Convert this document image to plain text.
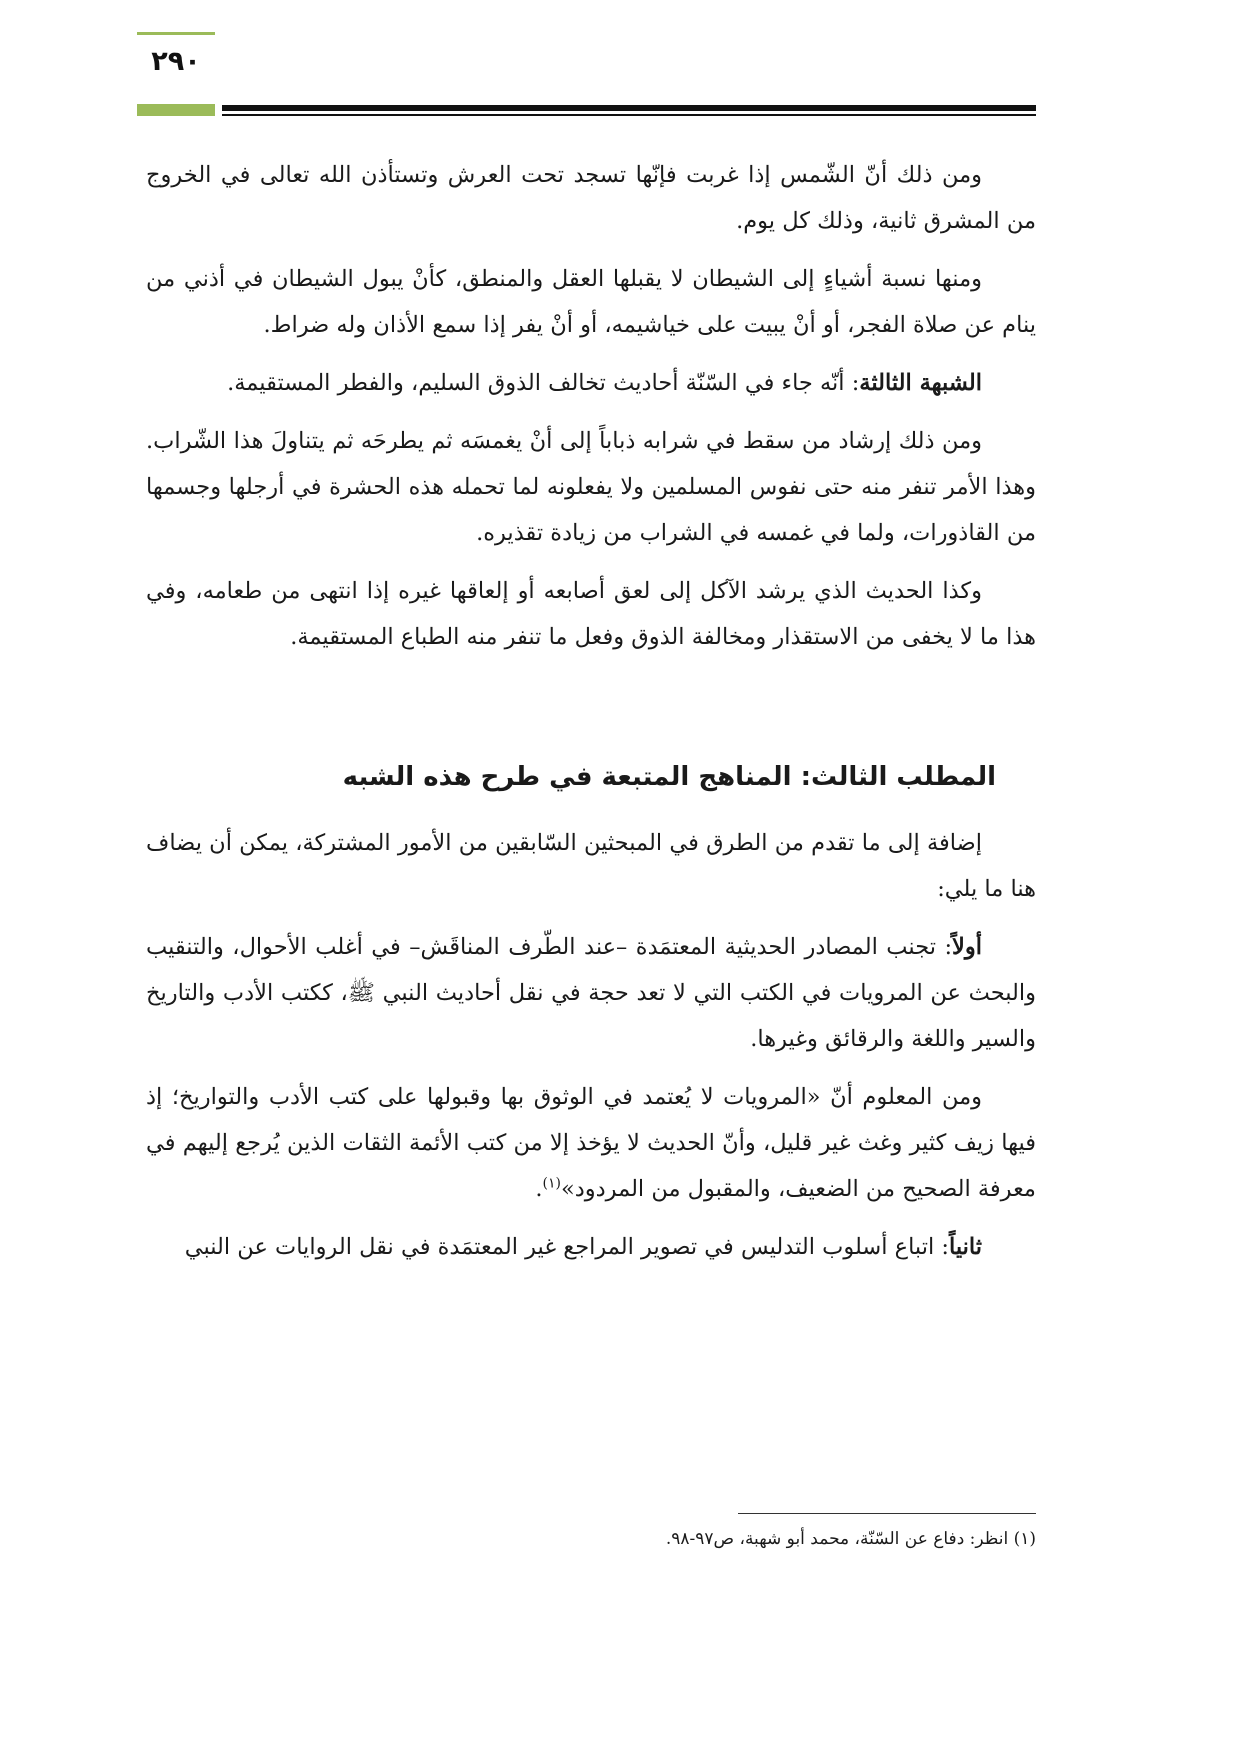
٢٩٠

ومن ذلك أنّ الشّمس إذا غربت فإنّها تسجد تحت العرش وتستأذن الله تعالى في الخروج من المشرق ثانية، وذلك كل يوم.

ومنها نسبة أشياءٍ إلى الشيطان لا يقبلها العقل والمنطق، كأنْ يبول الشيطان في أذني من ينام عن صلاة الفجر، أو أنْ يبيت على خياشيمه، أو أنْ يفر إذا سمع الأذان وله ضراط.

الشبهة الثالثة: أنّه جاء في السّنّة أحاديث تخالف الذوق السليم، والفطر المستقيمة.

ومن ذلك إرشاد من سقط في شرابه ذباباً إلى أنْ يغمسَه ثم يطرحَه ثم يتناولَ هذا الشّراب. وهذا الأمر تنفر منه حتى نفوس المسلمين ولا يفعلونه لما تحمله هذه الحشرة في أرجلها وجسمها من القاذورات، ولما في غمسه في الشراب من زيادة تقذيره.

وكذا الحديث الذي يرشد الآكل إلى لعق أصابعه أو إلعاقها غيره إذا انتهى من طعامه، وفي هذا ما لا يخفى من الاستقذار ومخالفة الذوق وفعل ما تنفر منه الطباع المستقيمة.

المطلب الثالث: المناهج المتبعة في طرح هذه الشبه

إضافة إلى ما تقدم من الطرق في المبحثين السّابقين من الأمور المشتركة، يمكن أن يضاف هنا ما يلي:

أولاً: تجنب المصادر الحديثية المعتمَدة –عند الطّرف المناقَش– في أغلب الأحوال، والتنقيب والبحث عن المرويات في الكتب التي لا تعد حجة في نقل أحاديث النبي ﷺ، ككتب الأدب والتاريخ والسير واللغة والرقائق وغيرها.

ومن المعلوم أنّ «المرويات لا يُعتمد في الوثوق بها وقبولها على كتب الأدب والتواريخ؛ إذ فيها زيف كثير وغث غير قليل، وأنّ الحديث لا يؤخذ إلا من كتب الأئمة الثقات الذين يُرجع إليهم في معرفة الصحيح من الضعيف، والمقبول من المردود»$^{(١)}$.

ثانياً: اتباع أسلوب التدليس في تصوير المراجع غير المعتمَدة في نقل الروايات عن النبي

(١) انظر: دفاع عن السّنّة، محمد أبو شهبة، ص٩٧-٩٨.
